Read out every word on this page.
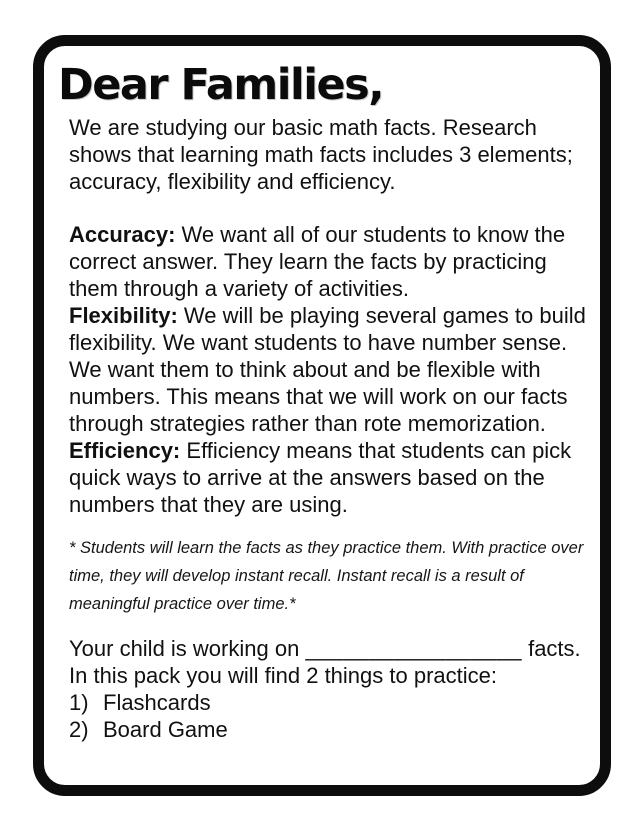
Dear Families,

We are studying our basic math facts. Research shows that learning math facts includes 3 elements; accuracy, flexibility and efficiency.

Accuracy: We want all of our students to know the correct answer. They learn the facts by practicing them through a variety of activities.

Flexibility: We will be playing several games to build flexibility. We want students to have number sense. We want them to think about and be flexible with numbers. This means that we will work on our facts through strategies rather than rote memorization.

Efficiency: Efficiency means that students can pick quick ways to arrive at the answers based on the numbers that they are using.

* Students will learn the facts as they practice them. With practice over time, they will develop instant recall. Instant recall is a result of meaningful practice over time.*

Your child is working on _________________ facts.

In this pack you will find 2 things to practice:

1) Flashcards
2) Board Game
